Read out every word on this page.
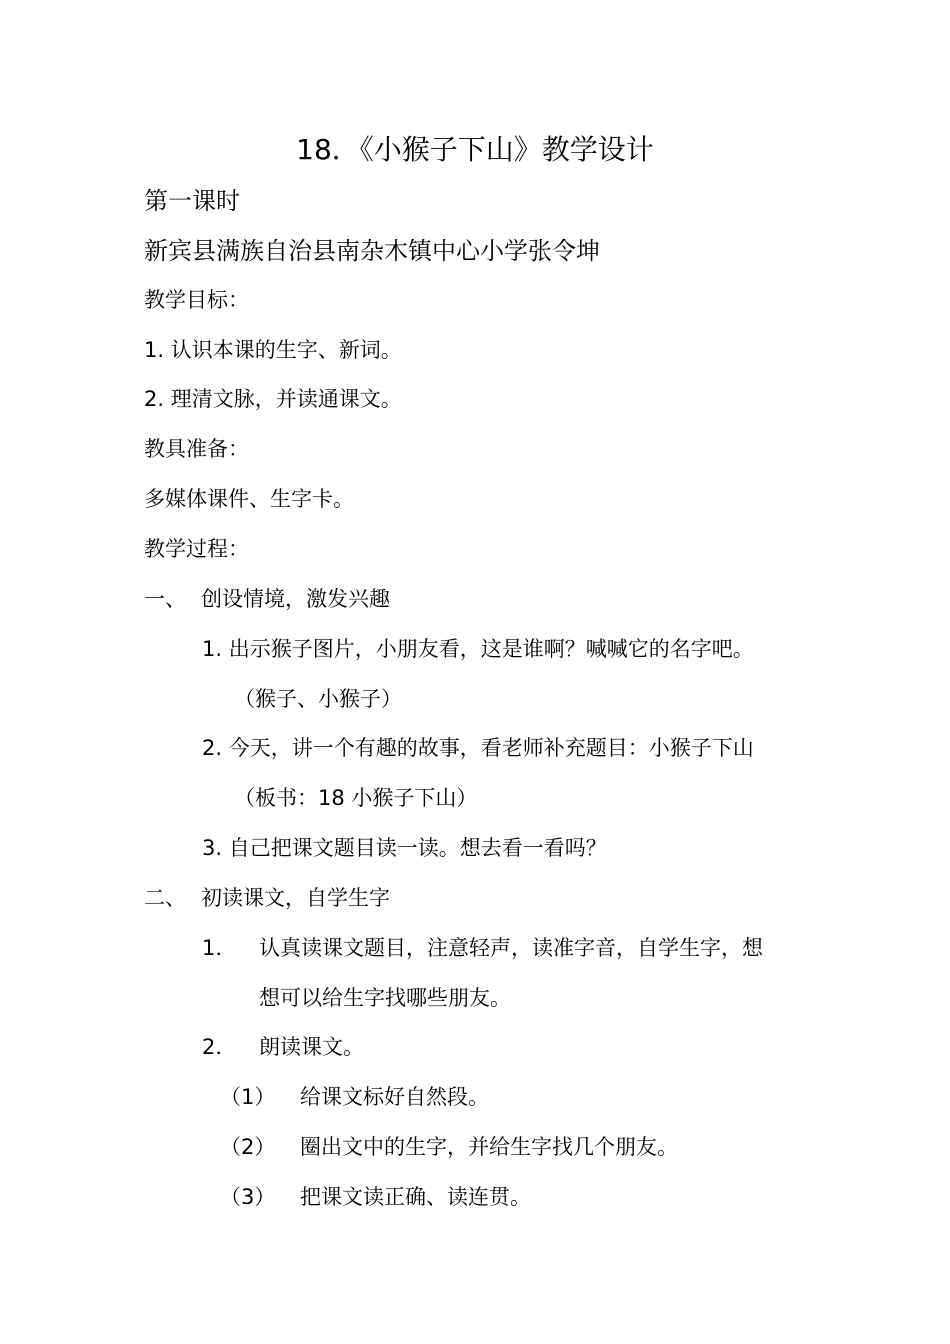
18．《小猴子下山》教学设计
第一课时
新宾县满族自治县南杂木镇中心小学张令坤
教学目标：
1. 认识本课的生字、新词。
2. 理清文脉，并读通课文。
教具准备：
多媒体课件、生字卡。
教学过程：
一、 创设情境，激发兴趣
1. 出示猴子图片，小朋友看，这是谁啊？喊喊它的名字吧。
（猴子、小猴子）
2. 今天，讲一个有趣的故事，看老师补充题目：小猴子下山
（板书：18 小猴子下山）
3. 自己把课文题目读一读。想去看一看吗？
二、 初读课文，自学生字
1． 认真读课文题目，注意轻声，读准字音，自学生字，想
想可以给生字找哪些朋友。
2． 朗读课文。
（1） 给课文标好自然段。
（2） 圈出文中的生字，并给生字找几个朋友。
（3） 把课文读正确、读连贯。
